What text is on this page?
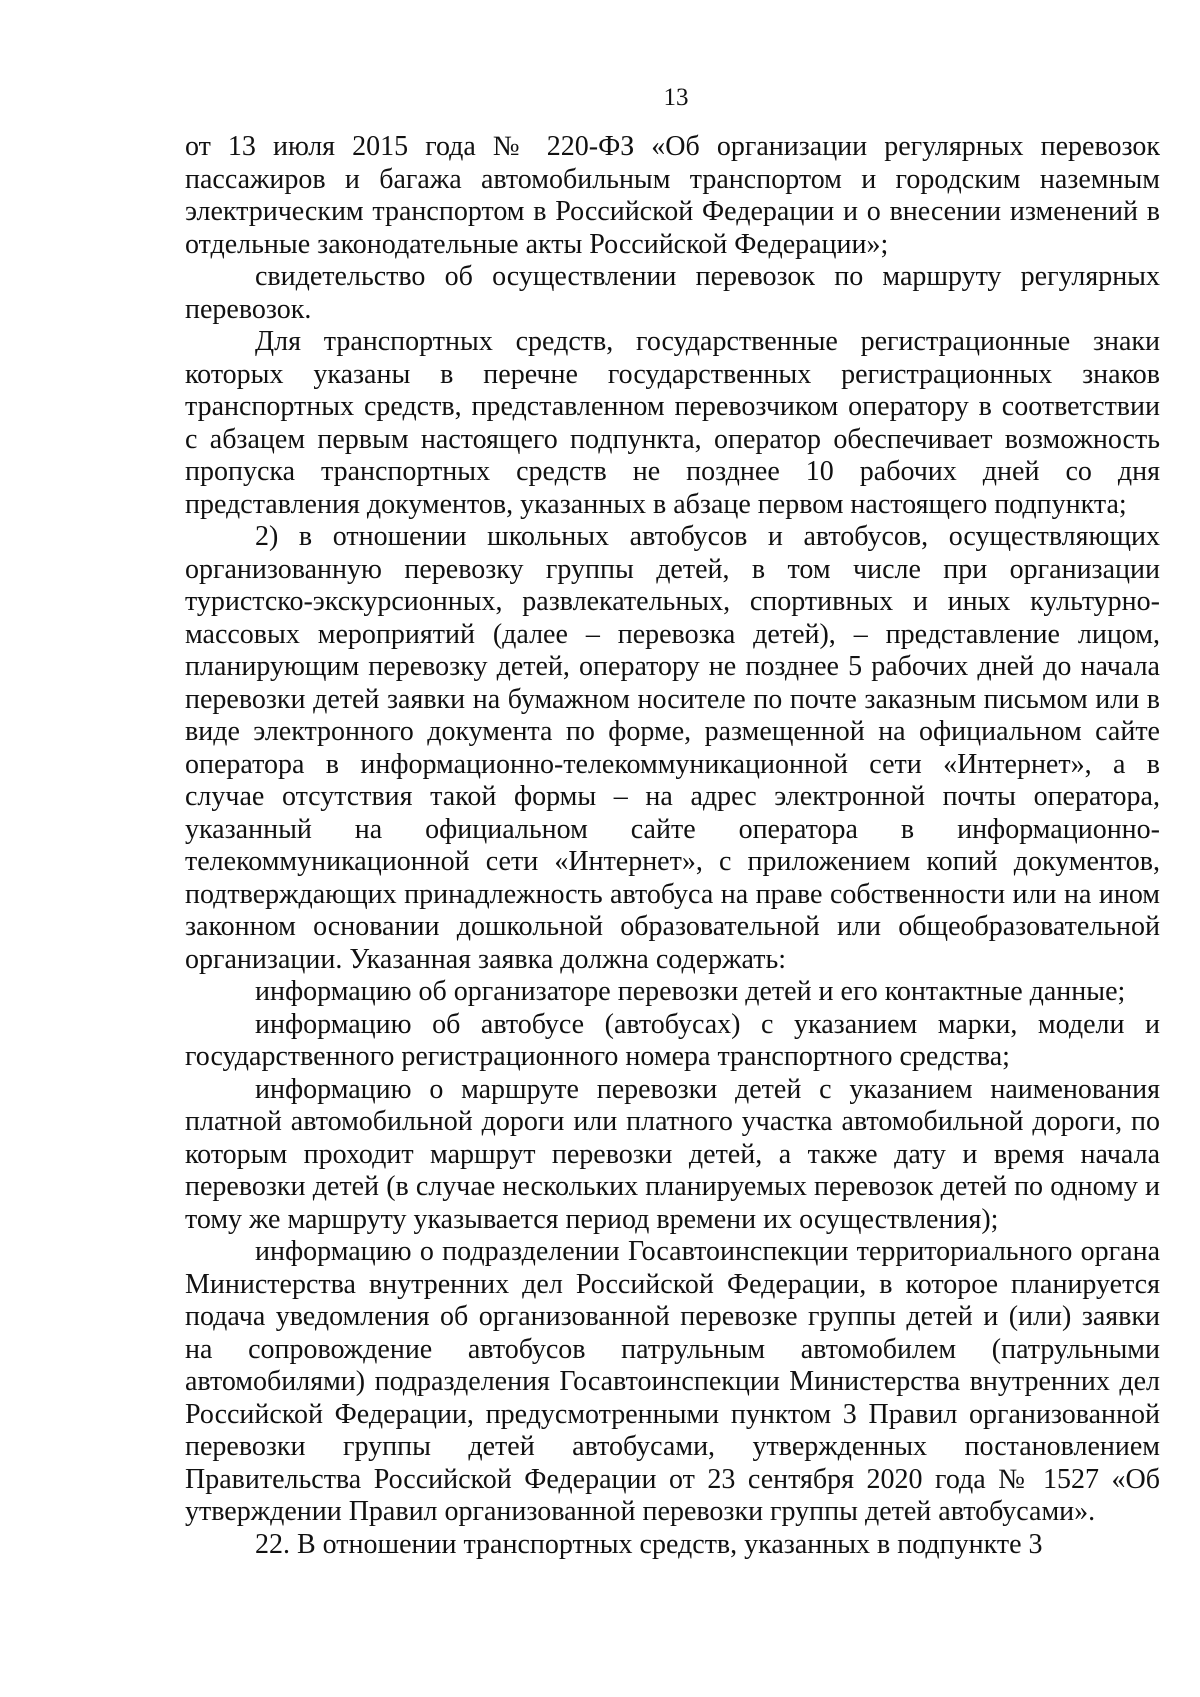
13

от 13 июля 2015 года № 220-ФЗ «Об организации регулярных перевозок пассажиров и багажа автомобильным транспортом и городским наземным электрическим транспортом в Российской Федерации и о внесении изменений в отдельные законодательные акты Российской Федерации»;

свидетельство об осуществлении перевозок по маршруту регулярных перевозок.

Для транспортных средств, государственные регистрационные знаки которых указаны в перечне государственных регистрационных знаков транспортных средств, представленном перевозчиком оператору в соответствии с абзацем первым настоящего подпункта, оператор обеспечивает возможность пропуска транспортных средств не позднее 10 рабочих дней со дня представления документов, указанных в абзаце первом настоящего подпункта;

2) в отношении школьных автобусов и автобусов, осуществляющих организованную перевозку группы детей, в том числе при организации туристско-экскурсионных, развлекательных, спортивных и иных культурно-массовых мероприятий (далее – перевозка детей), – представление лицом, планирующим перевозку детей, оператору не позднее 5 рабочих дней до начала перевозки детей заявки на бумажном носителе по почте заказным письмом или в виде электронного документа по форме, размещенной на официальном сайте оператора в информационно-телекоммуникационной сети «Интернет», а в случае отсутствия такой формы – на адрес электронной почты оператора, указанный на официальном сайте оператора в информационно-телекоммуникационной сети «Интернет», с приложением копий документов, подтверждающих принадлежность автобуса на праве собственности или на ином законном основании дошкольной образовательной или общеобразовательной организации. Указанная заявка должна содержать:

информацию об организаторе перевозки детей и его контактные данные;

информацию об автобусе (автобусах) с указанием марки, модели и государственного регистрационного номера транспортного средства;

информацию о маршруте перевозки детей с указанием наименования платной автомобильной дороги или платного участка автомобильной дороги, по которым проходит маршрут перевозки детей, а также дату и время начала перевозки детей (в случае нескольких планируемых перевозок детей по одному и тому же маршруту указывается период времени их осуществления);

информацию о подразделении Госавтоинспекции территориального органа Министерства внутренних дел Российской Федерации, в которое планируется подача уведомления об организованной перевозке группы детей и (или) заявки на сопровождение автобусов патрульным автомобилем (патрульными автомобилями) подразделения Госавтоинспекции Министерства внутренних дел Российской Федерации, предусмотренными пунктом 3 Правил организованной перевозки группы детей автобусами, утвержденных постановлением Правительства Российской Федерации от 23 сентября 2020 года № 1527 «Об утверждении Правил организованной перевозки группы детей автобусами».

22. В отношении транспортных средств, указанных в подпункте 3
